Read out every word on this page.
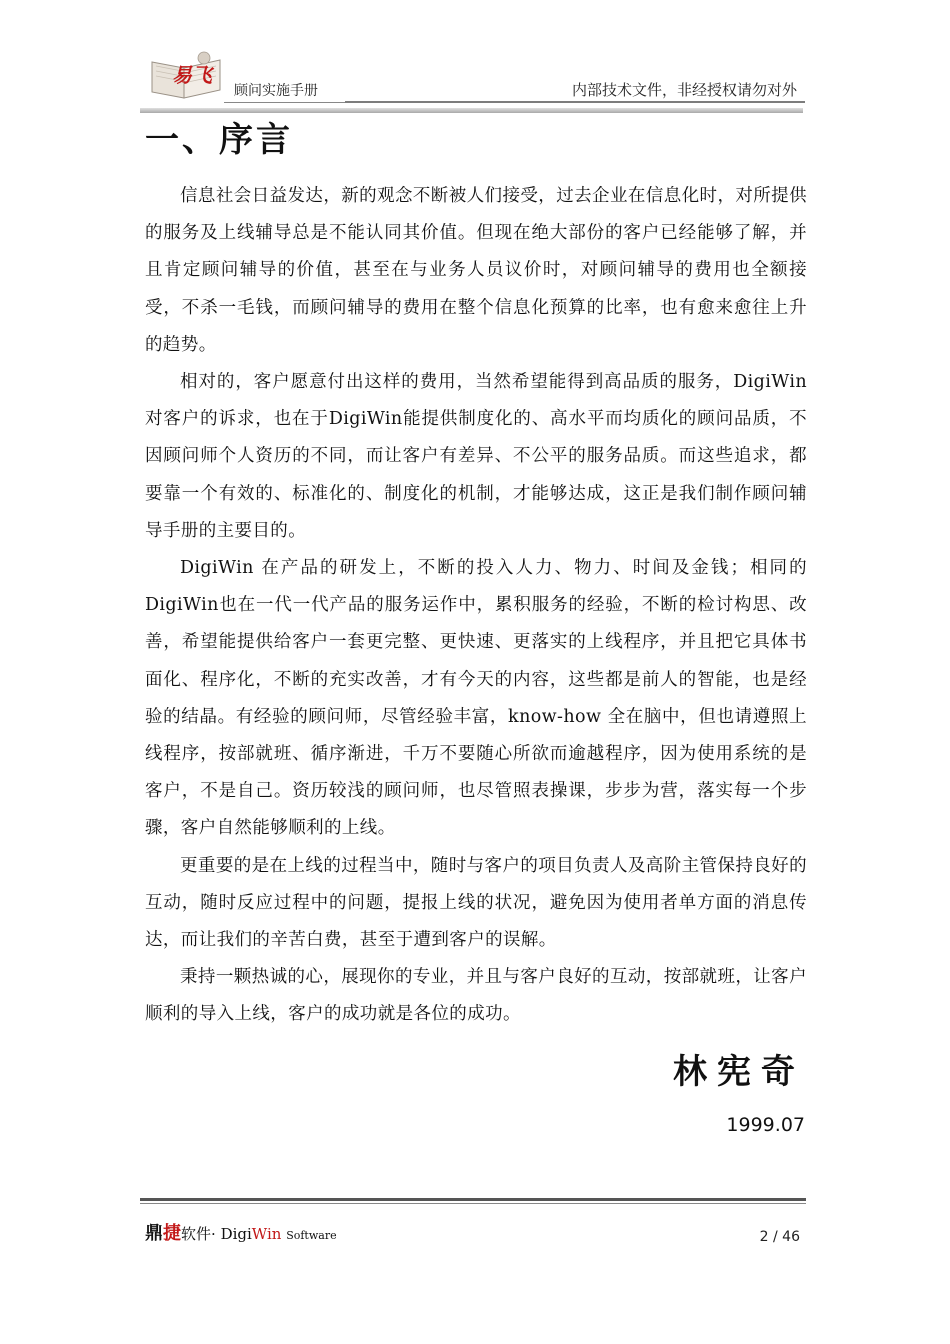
易飞
顾问实施手册	内部技术文件，非经授权请勿对外
一、序言

信息社会日益发达，新的观念不断被人们接受，过去企业在信息化时，对所提供的服务及上线辅导总是不能认同其价值。但现在绝大部份的客户已经能够了解，并且肯定顾问辅导的价值，甚至在与业务人员议价时，对顾问辅导的费用也全额接受，不杀一毛钱，而顾问辅导的费用在整个信息化预算的比率，也有愈来愈往上升的趋势。

相对的，客户愿意付出这样的费用，当然希望能得到高品质的服务，DigiWin对客户的诉求，也在于DigiWin能提供制度化的、高水平而均质化的顾问品质，不因顾问师个人资历的不同，而让客户有差异、不公平的服务品质。而这些追求，都要靠一个有效的、标准化的、制度化的机制，才能够达成，这正是我们制作顾问辅导手册的主要目的。

DigiWin 在产品的研发上，不断的投入人力、物力、时间及金钱；相同的DigiWin也在一代一代产品的服务运作中，累积服务的经验，不断的检讨构思、改善，希望能提供给客户一套更完整、更快速、更落实的上线程序，并且把它具体书面化、程序化，不断的充实改善，才有今天的内容，这些都是前人的智能，也是经验的结晶。有经验的顾问师，尽管经验丰富，know-how 全在脑中，但也请遵照上线程序，按部就班、循序渐进，千万不要随心所欲而逾越程序，因为使用系统的是客户，不是自己。资历较浅的顾问师，也尽管照表操课，步步为营，落实每一个步骤，客户自然能够顺利的上线。

更重要的是在上线的过程当中，随时与客户的项目负责人及高阶主管保持良好的互动，随时反应过程中的问题，提报上线的状况，避免因为使用者单方面的消息传达，而让我们的辛苦白费，甚至于遭到客户的误解。

秉持一颗热诚的心，展现你的专业，并且与客户良好的互动，按部就班，让客户顺利的导入上线，客户的成功就是各位的成功。

林宪奇
1999.07
鼎捷软件· DigiWin Software	2 / 46
